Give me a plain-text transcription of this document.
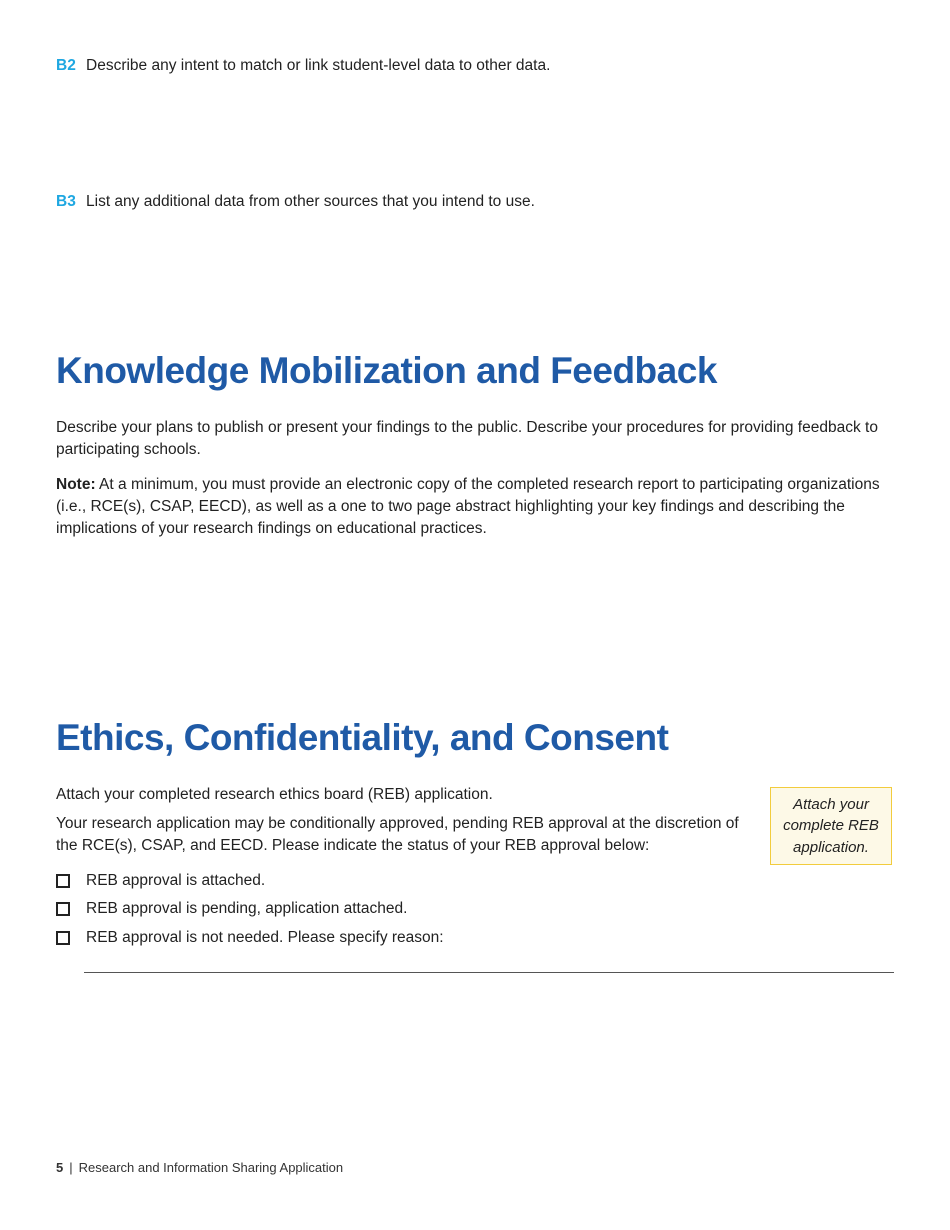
B2 Describe any intent to match or link student-level data to other data.
B3 List any additional data from other sources that you intend to use.
Knowledge Mobilization and Feedback

Describe your plans to publish or present your findings to the public. Describe your procedures for providing feedback to participating schools.

Note: At a minimum, you must provide an electronic copy of the completed research report to participating organizations (i.e., RCE(s), CSAP, EECD), as well as a one to two page abstract highlighting your key findings and describing the implications of your research findings on educational practices.

Ethics, Confidentiality, and Consent

Attach your completed research ethics board (REB) application.

Your research application may be conditionally approved, pending REB approval at the discretion of the RCE(s), CSAP, and EECD. Please indicate the status of your REB approval below:

Attach your complete REB application.
REB approval is attached.
REB approval is pending, application attached.
REB approval is not needed. Please specify reason:
5 | Research and Information Sharing Application
